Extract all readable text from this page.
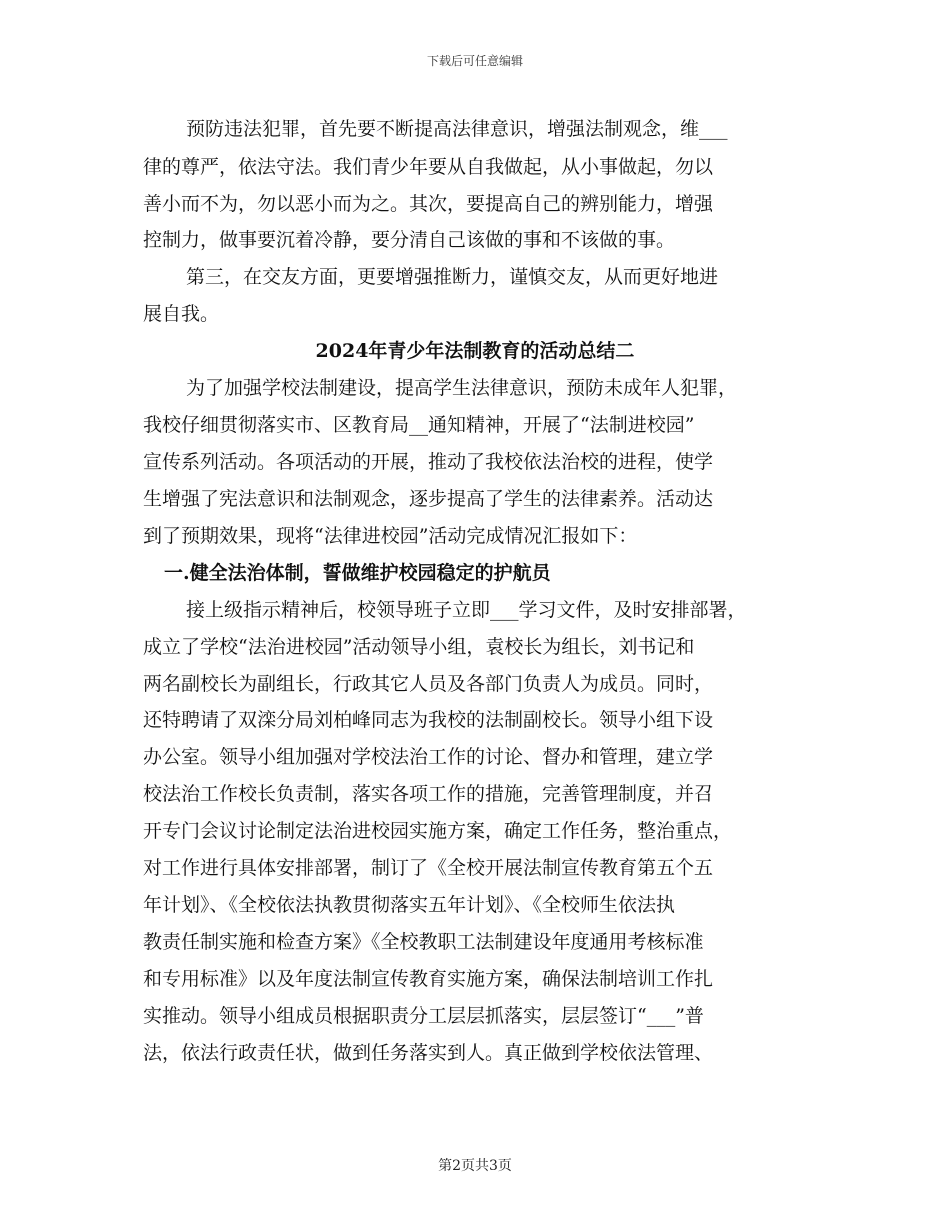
下载后可任意编辑
预防违法犯罪，首先要不断提高法律意识，增强法制观念，维___
律的尊严，依法守法。我们青少年要从自我做起，从小事做起，勿以
善小而不为，勿以恶小而为之。其次，要提高自己的辨别能力，增强
控制力，做事要沉着冷静，要分清自己该做的事和不该做的事。
第三，在交友方面，更要增强推断力，谨慎交友，从而更好地进
展自我。
2024年青少年法制教育的活动总结二
为了加强学校法制建设，提高学生法律意识，预防未成年人犯罪，
我校仔细贯彻落实市、区教育局__通知精神，开展了“法制进校园”
宣传系列活动。各项活动的开展，推动了我校依法治校的进程，使学
生增强了宪法意识和法制观念，逐步提高了学生的法律素养。活动达
到了预期效果，现将“法律进校园”活动完成情况汇报如下：
一.健全法治体制，誓做维护校园稳定的护航员
接上级指示精神后，校领导班子立即___学习文件，及时安排部署，
成立了学校“法治进校园”活动领导小组，袁校长为组长，刘书记和
两名副校长为副组长，行政其它人员及各部门负责人为成员。同时，
还特聘请了双滦分局刘柏峰同志为我校的法制副校长。领导小组下设
办公室。领导小组加强对学校法治工作的讨论、督办和管理，建立学
校法治工作校长负责制，落实各项工作的措施，完善管理制度，并召
开专门会议讨论制定法治进校园实施方案，确定工作任务，整治重点，
对工作进行具体安排部署，制订了《全校开展法制宣传教育第五个五
年计划》、《全校依法执教贯彻落实五年计划》、《全校师生依法执
教责任制实施和检查方案》《全校教职工法制建设年度通用考核标准
和专用标准》以及年度法制宣传教育实施方案，确保法制培训工作扎
实推动。领导小组成员根据职责分工层层抓落实，层层签订“___”普
法，依法行政责任状，做到任务落实到人。真正做到学校依法管理、
第2页共3页
